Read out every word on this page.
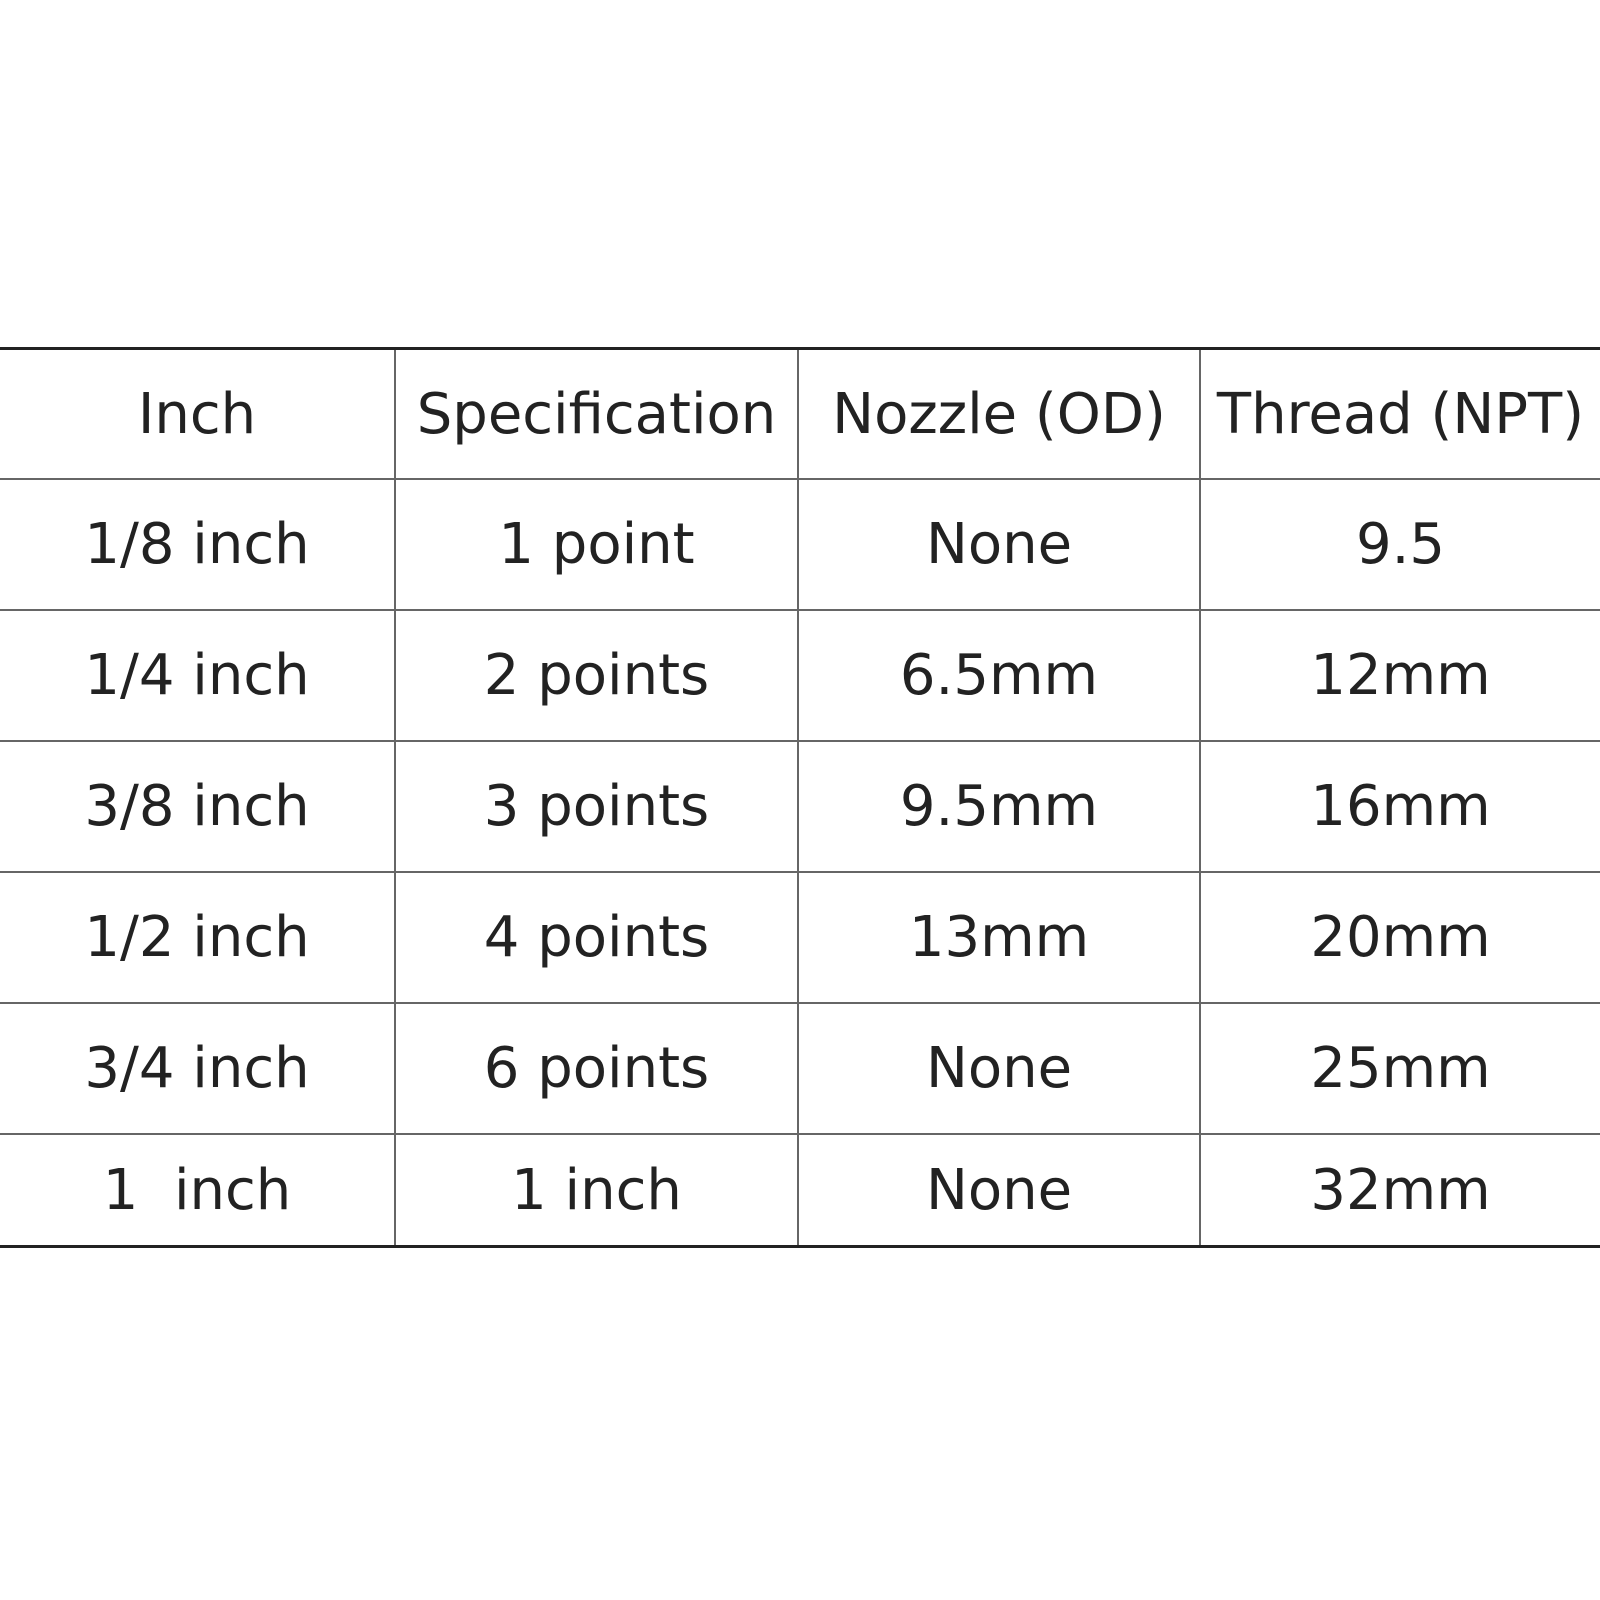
Inch	Specification	Nozzle (OD)	Thread (NPT)
1/8 inch	1 point	None	9.5
1/4 inch	2 points	6.5mm	12mm
3/8 inch	3 points	9.5mm	16mm
1/2 inch	4 points	13mm	20mm
3/4 inch	6 points	None	25mm
1  inch	1 inch	None	32mm
